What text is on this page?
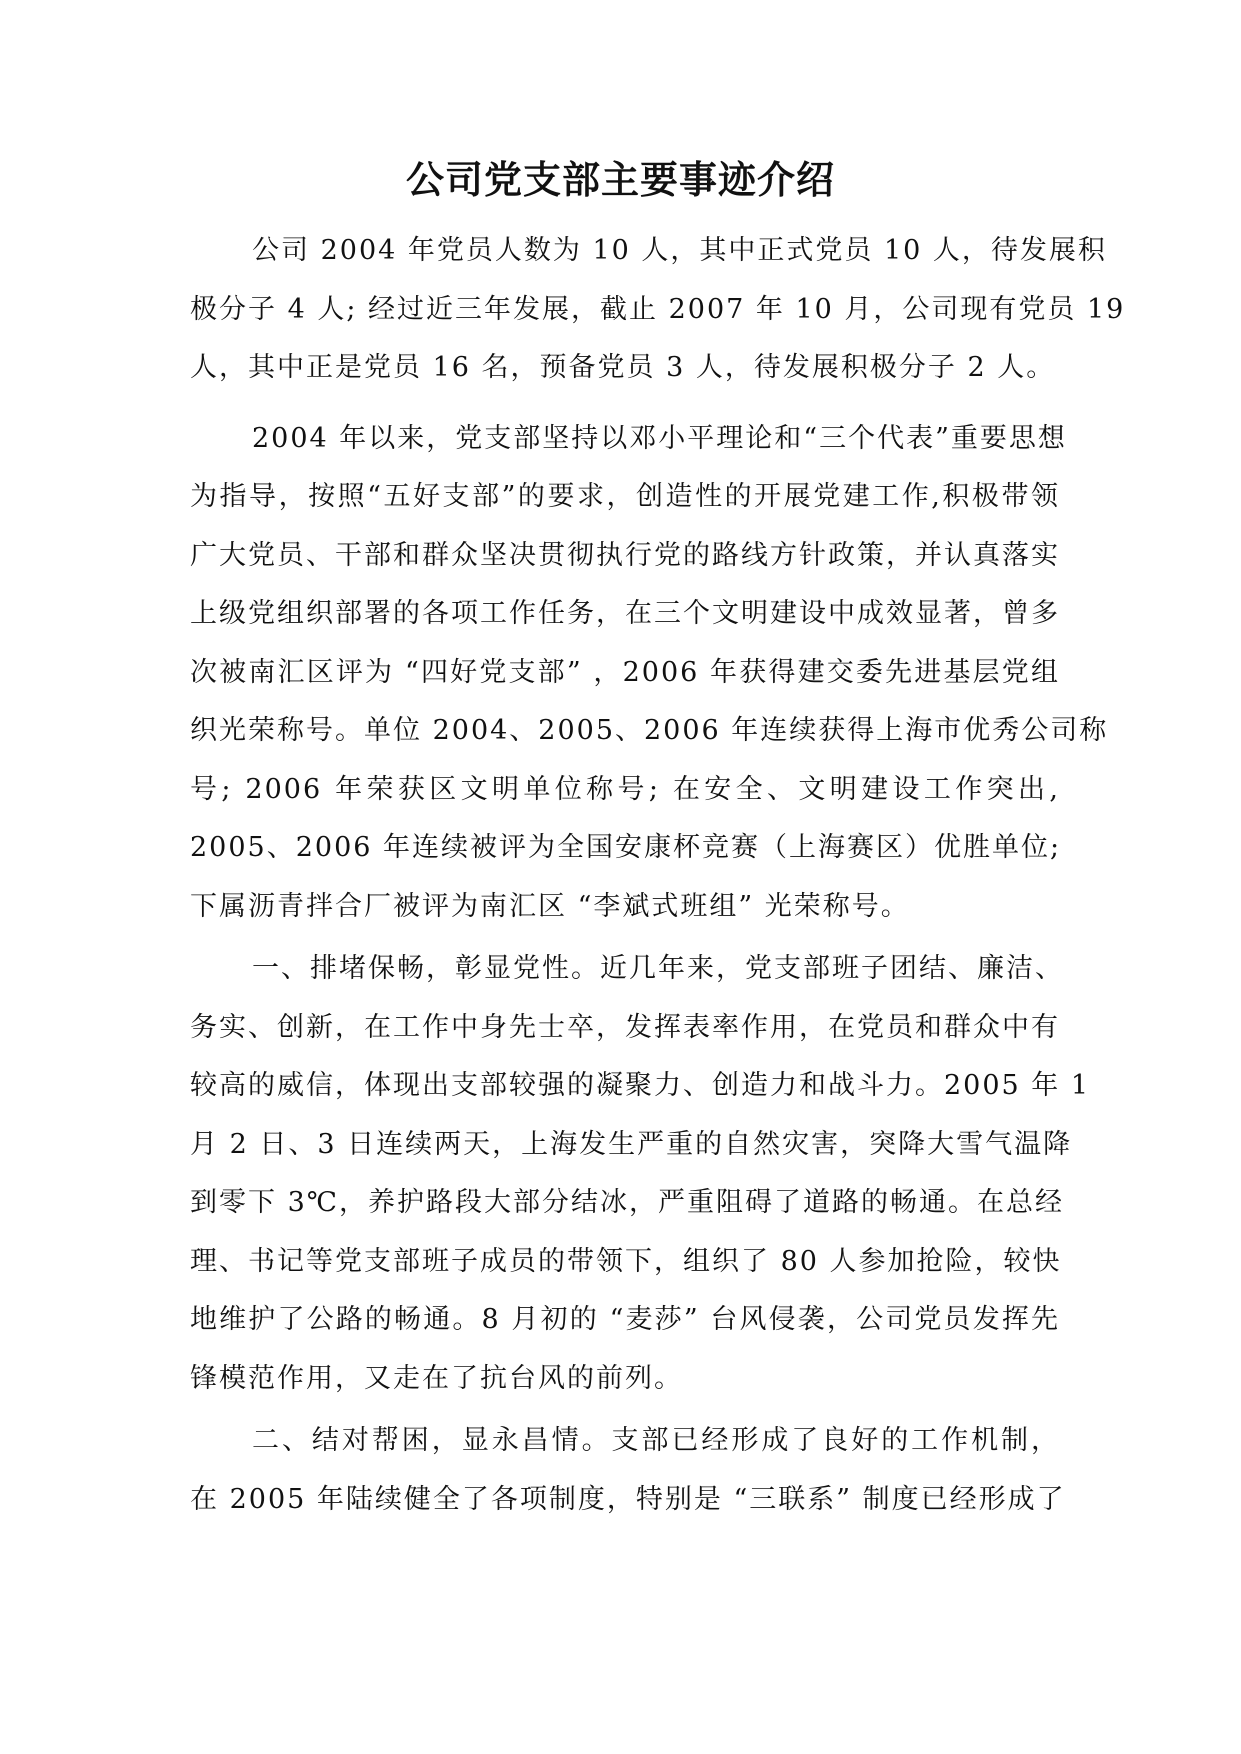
公司党支部主要事迹介绍

公司 2004 年党员人数为 10 人，其中正式党员 10 人，待发展积
极分子 4 人; 经过近三年发展，截止 2007 年 10 月，公司现有党员 19
人，其中正是党员 16 名，预备党员 3 人，待发展积极分子 2 人。

2004 年以来，党支部坚持以邓小平理论和“三个代表”重要思想
为指导，按照“五好支部”的要求，创造性的开展党建工作,积极带领
广大党员、干部和群众坚决贯彻执行党的路线方针政策，并认真落实
上级党组织部署的各项工作任务，在三个文明建设中成效显著，曾多
次被南汇区评为 “四好党支部” ，2006 年获得建交委先进基层党组
织光荣称号。单位 2004、2005、2006 年连续获得上海市优秀公司称
号; 2006 年荣获区文明单位称号; 在安全、文明建设工作突出,
2005、2006 年连续被评为全国安康杯竞赛（上海赛区）优胜单位;
下属沥青拌合厂被评为南汇区 “李斌式班组” 光荣称号。

一、排堵保畅，彰显党性。近几年来，党支部班子团结、廉洁、
务实、创新，在工作中身先士卒，发挥表率作用，在党员和群众中有
较高的威信，体现出支部较强的凝聚力、创造力和战斗力。2005 年 1
月 2 日、3 日连续两天，上海发生严重的自然灾害，突降大雪气温降
到零下 3℃，养护路段大部分结冰，严重阻碍了道路的畅通。在总经
理、书记等党支部班子成员的带领下，组织了 80 人参加抢险，较快
地维护了公路的畅通。8 月初的 “麦莎” 台风侵袭，公司党员发挥先
锋模范作用，又走在了抗台风的前列。

二、结对帮困，显永昌情。支部已经形成了良好的工作机制，
在 2005 年陆续健全了各项制度，特别是 “三联系” 制度已经形成了
